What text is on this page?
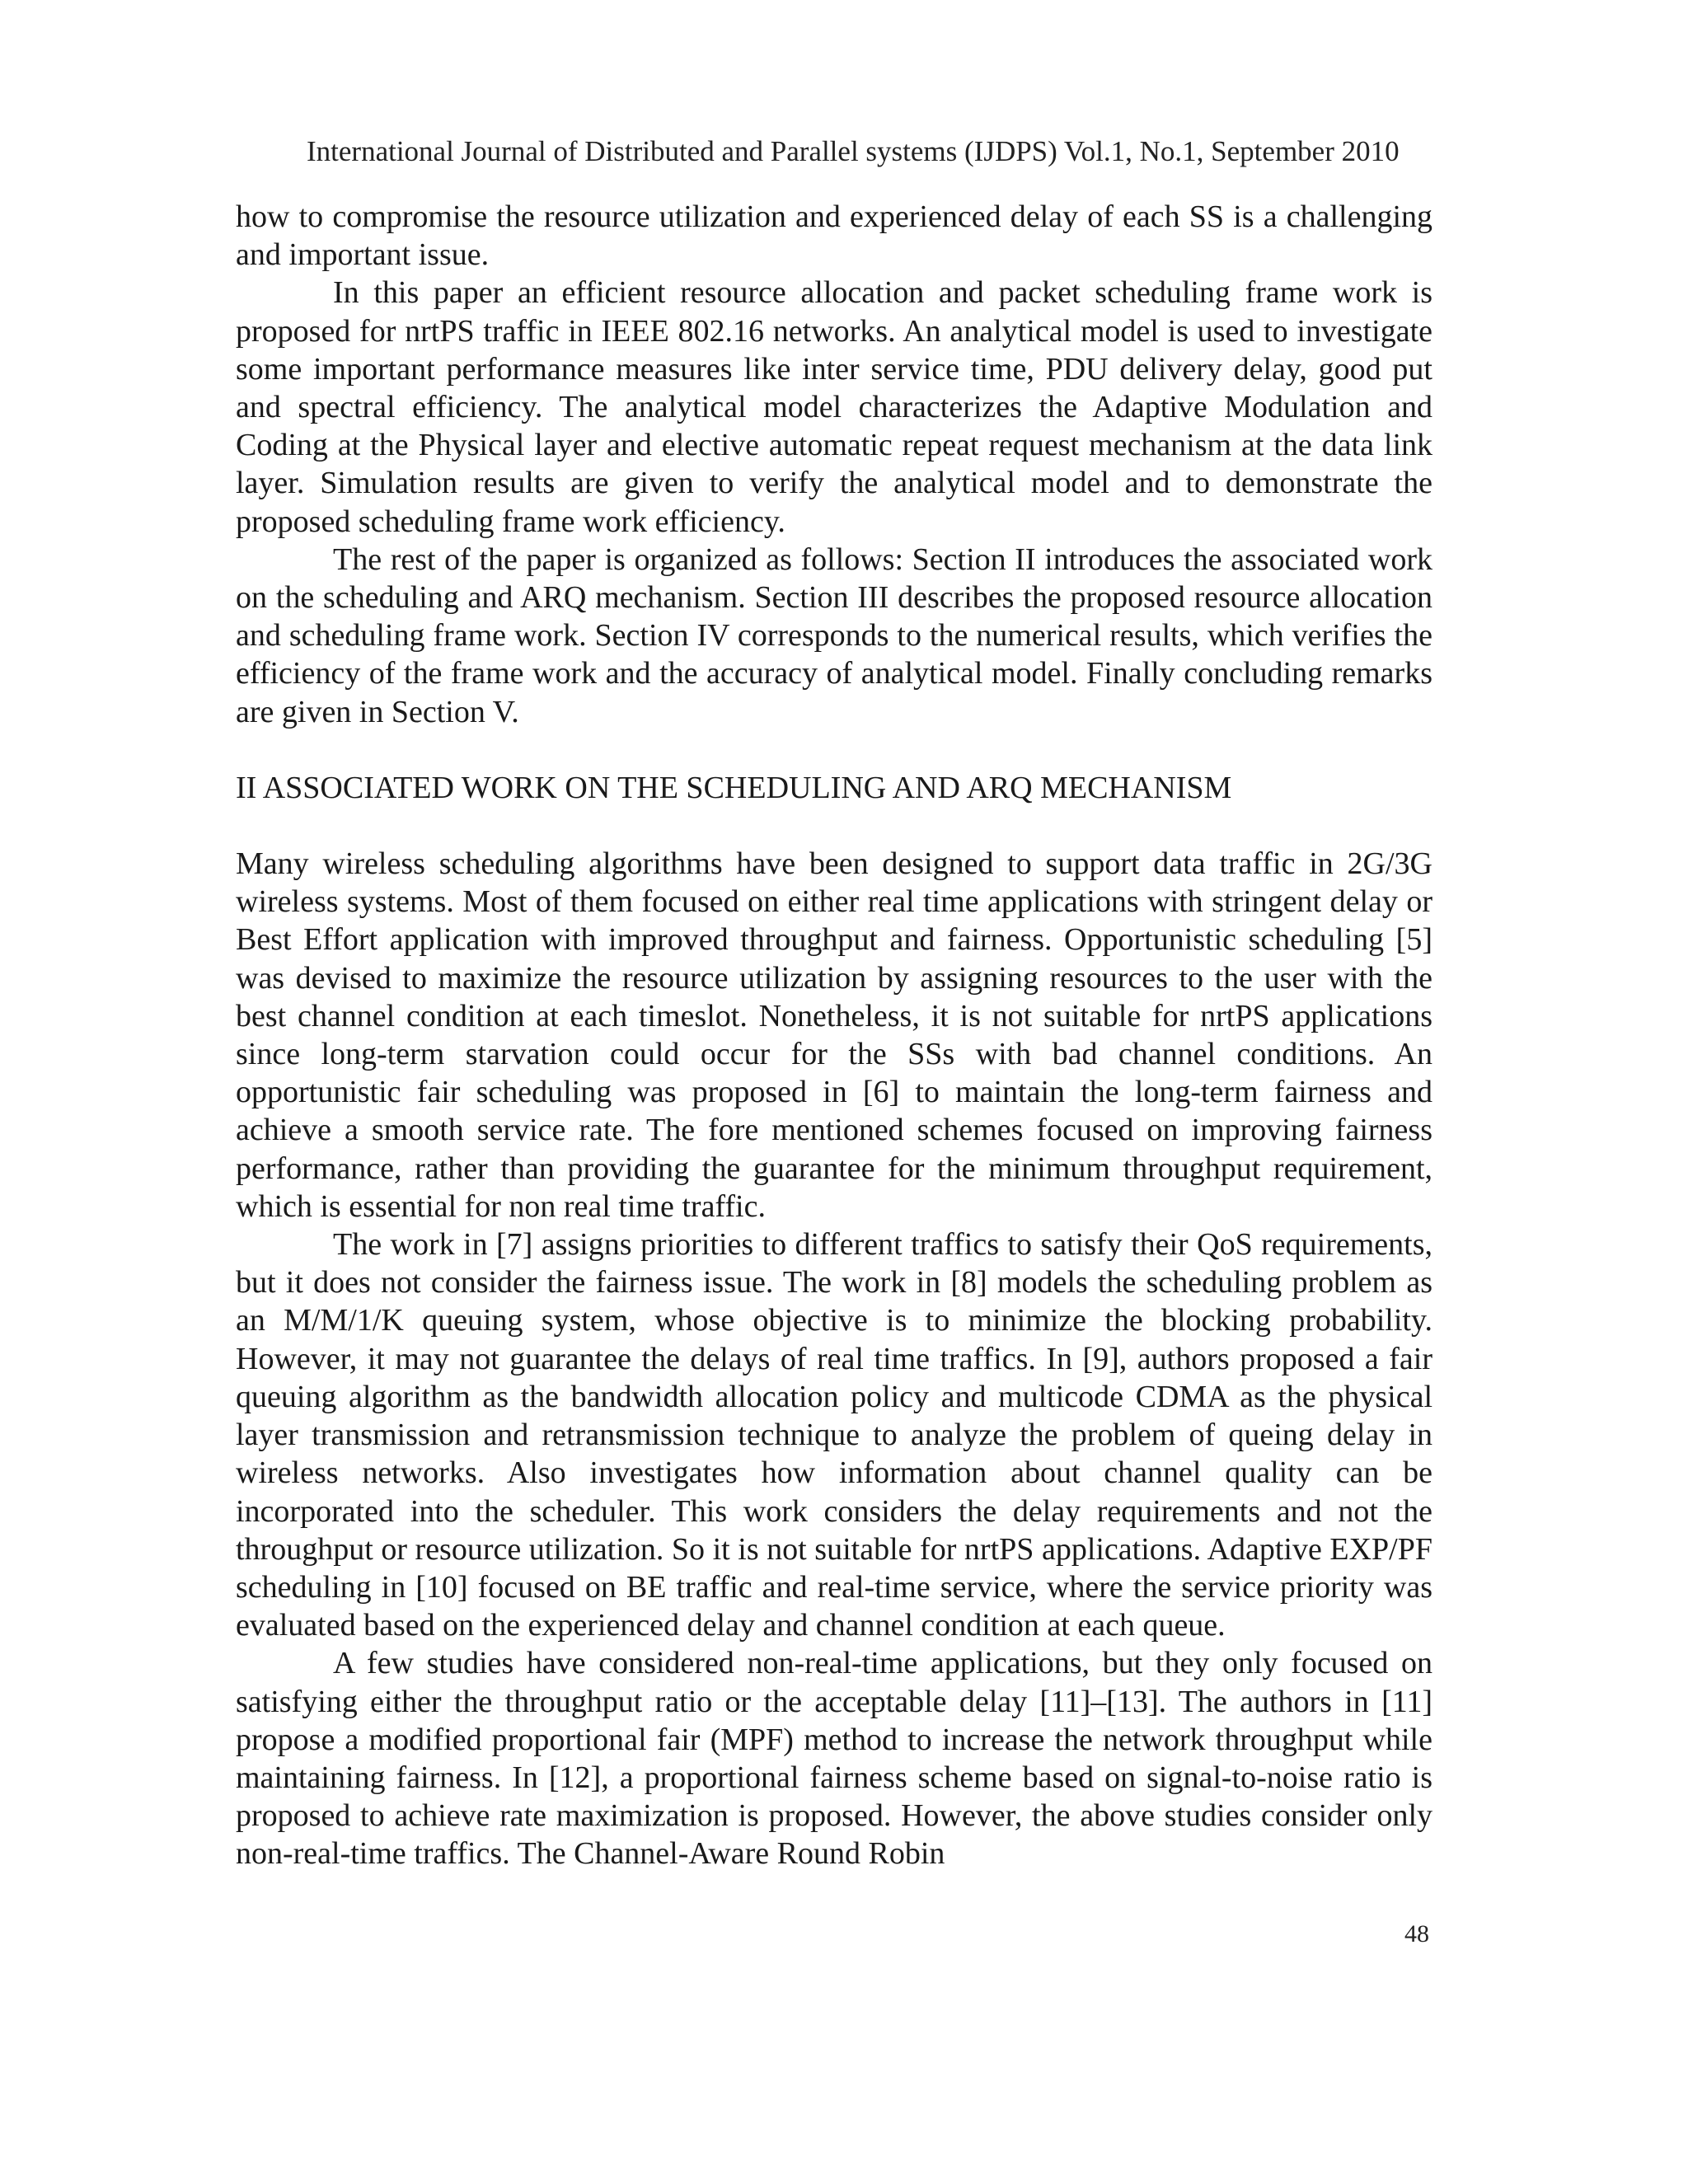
International Journal of Distributed and Parallel systems (IJDPS) Vol.1, No.1, September 2010

how to compromise the resource utilization and experienced delay of each SS is a challenging and important issue.

In this paper an efficient resource allocation and packet scheduling frame work is proposed for nrtPS traffic in IEEE 802.16 networks. An analytical model is used to investigate some important performance measures like inter service time, PDU delivery delay, good put and spectral efficiency. The analytical model characterizes the Adaptive Modulation and Coding at the Physical layer and elective automatic repeat request mechanism at the data link layer. Simulation results are given to verify the analytical model and to demonstrate the proposed scheduling frame work efficiency.

The rest of the paper is organized as follows: Section II introduces the associated work on the scheduling and ARQ mechanism. Section III describes the proposed resource allocation and scheduling frame work. Section IV corresponds to the numerical results, which verifies the efficiency of the frame work and the accuracy of analytical model. Finally concluding remarks are given in Section V.

II ASSOCIATED WORK ON THE SCHEDULING AND ARQ MECHANISM

Many wireless scheduling algorithms have been designed to support data traffic in 2G/3G wireless systems. Most of them focused on either real time applications with stringent delay or Best Effort application with improved throughput and fairness. Opportunistic scheduling [5] was devised to maximize the resource utilization by assigning resources to the user with the best channel condition at each timeslot. Nonetheless, it is not suitable for nrtPS applications since long-term starvation could occur for the SSs with bad channel conditions. An opportunistic fair scheduling was proposed in [6] to maintain the long-term fairness and achieve a smooth service rate. The fore mentioned schemes focused on improving fairness performance, rather than providing the guarantee for the minimum throughput requirement, which is essential for non real time traffic.

The work in [7] assigns priorities to different traffics to satisfy their QoS requirements, but it does not consider the fairness issue. The work in [8] models the scheduling problem as an M/M/1/K queuing system, whose objective is to minimize the blocking probability. However, it may not guarantee the delays of real time traffics. In [9], authors proposed a fair queuing algorithm as the bandwidth allocation policy and multicode CDMA as the physical layer transmission and retransmission technique to analyze the problem of queing delay in wireless networks. Also investigates how information about channel quality can be incorporated into the scheduler. This work considers the delay requirements and not the throughput or resource utilization. So it is not suitable for nrtPS applications. Adaptive EXP/PF scheduling in [10] focused on BE traffic and real-time service, where the service priority was evaluated based on the experienced delay and channel condition at each queue.

A few studies have considered non-real-time applications, but they only focused on satisfying either the throughput ratio or the acceptable delay [11]–[13]. The authors in [11] propose a modified proportional fair (MPF) method to increase the network throughput while maintaining fairness. In [12], a proportional fairness scheme based on signal-to-noise ratio is proposed to achieve rate maximization is proposed. However, the above studies consider only non-real-time traffics. The Channel-Aware Round Robin

48
